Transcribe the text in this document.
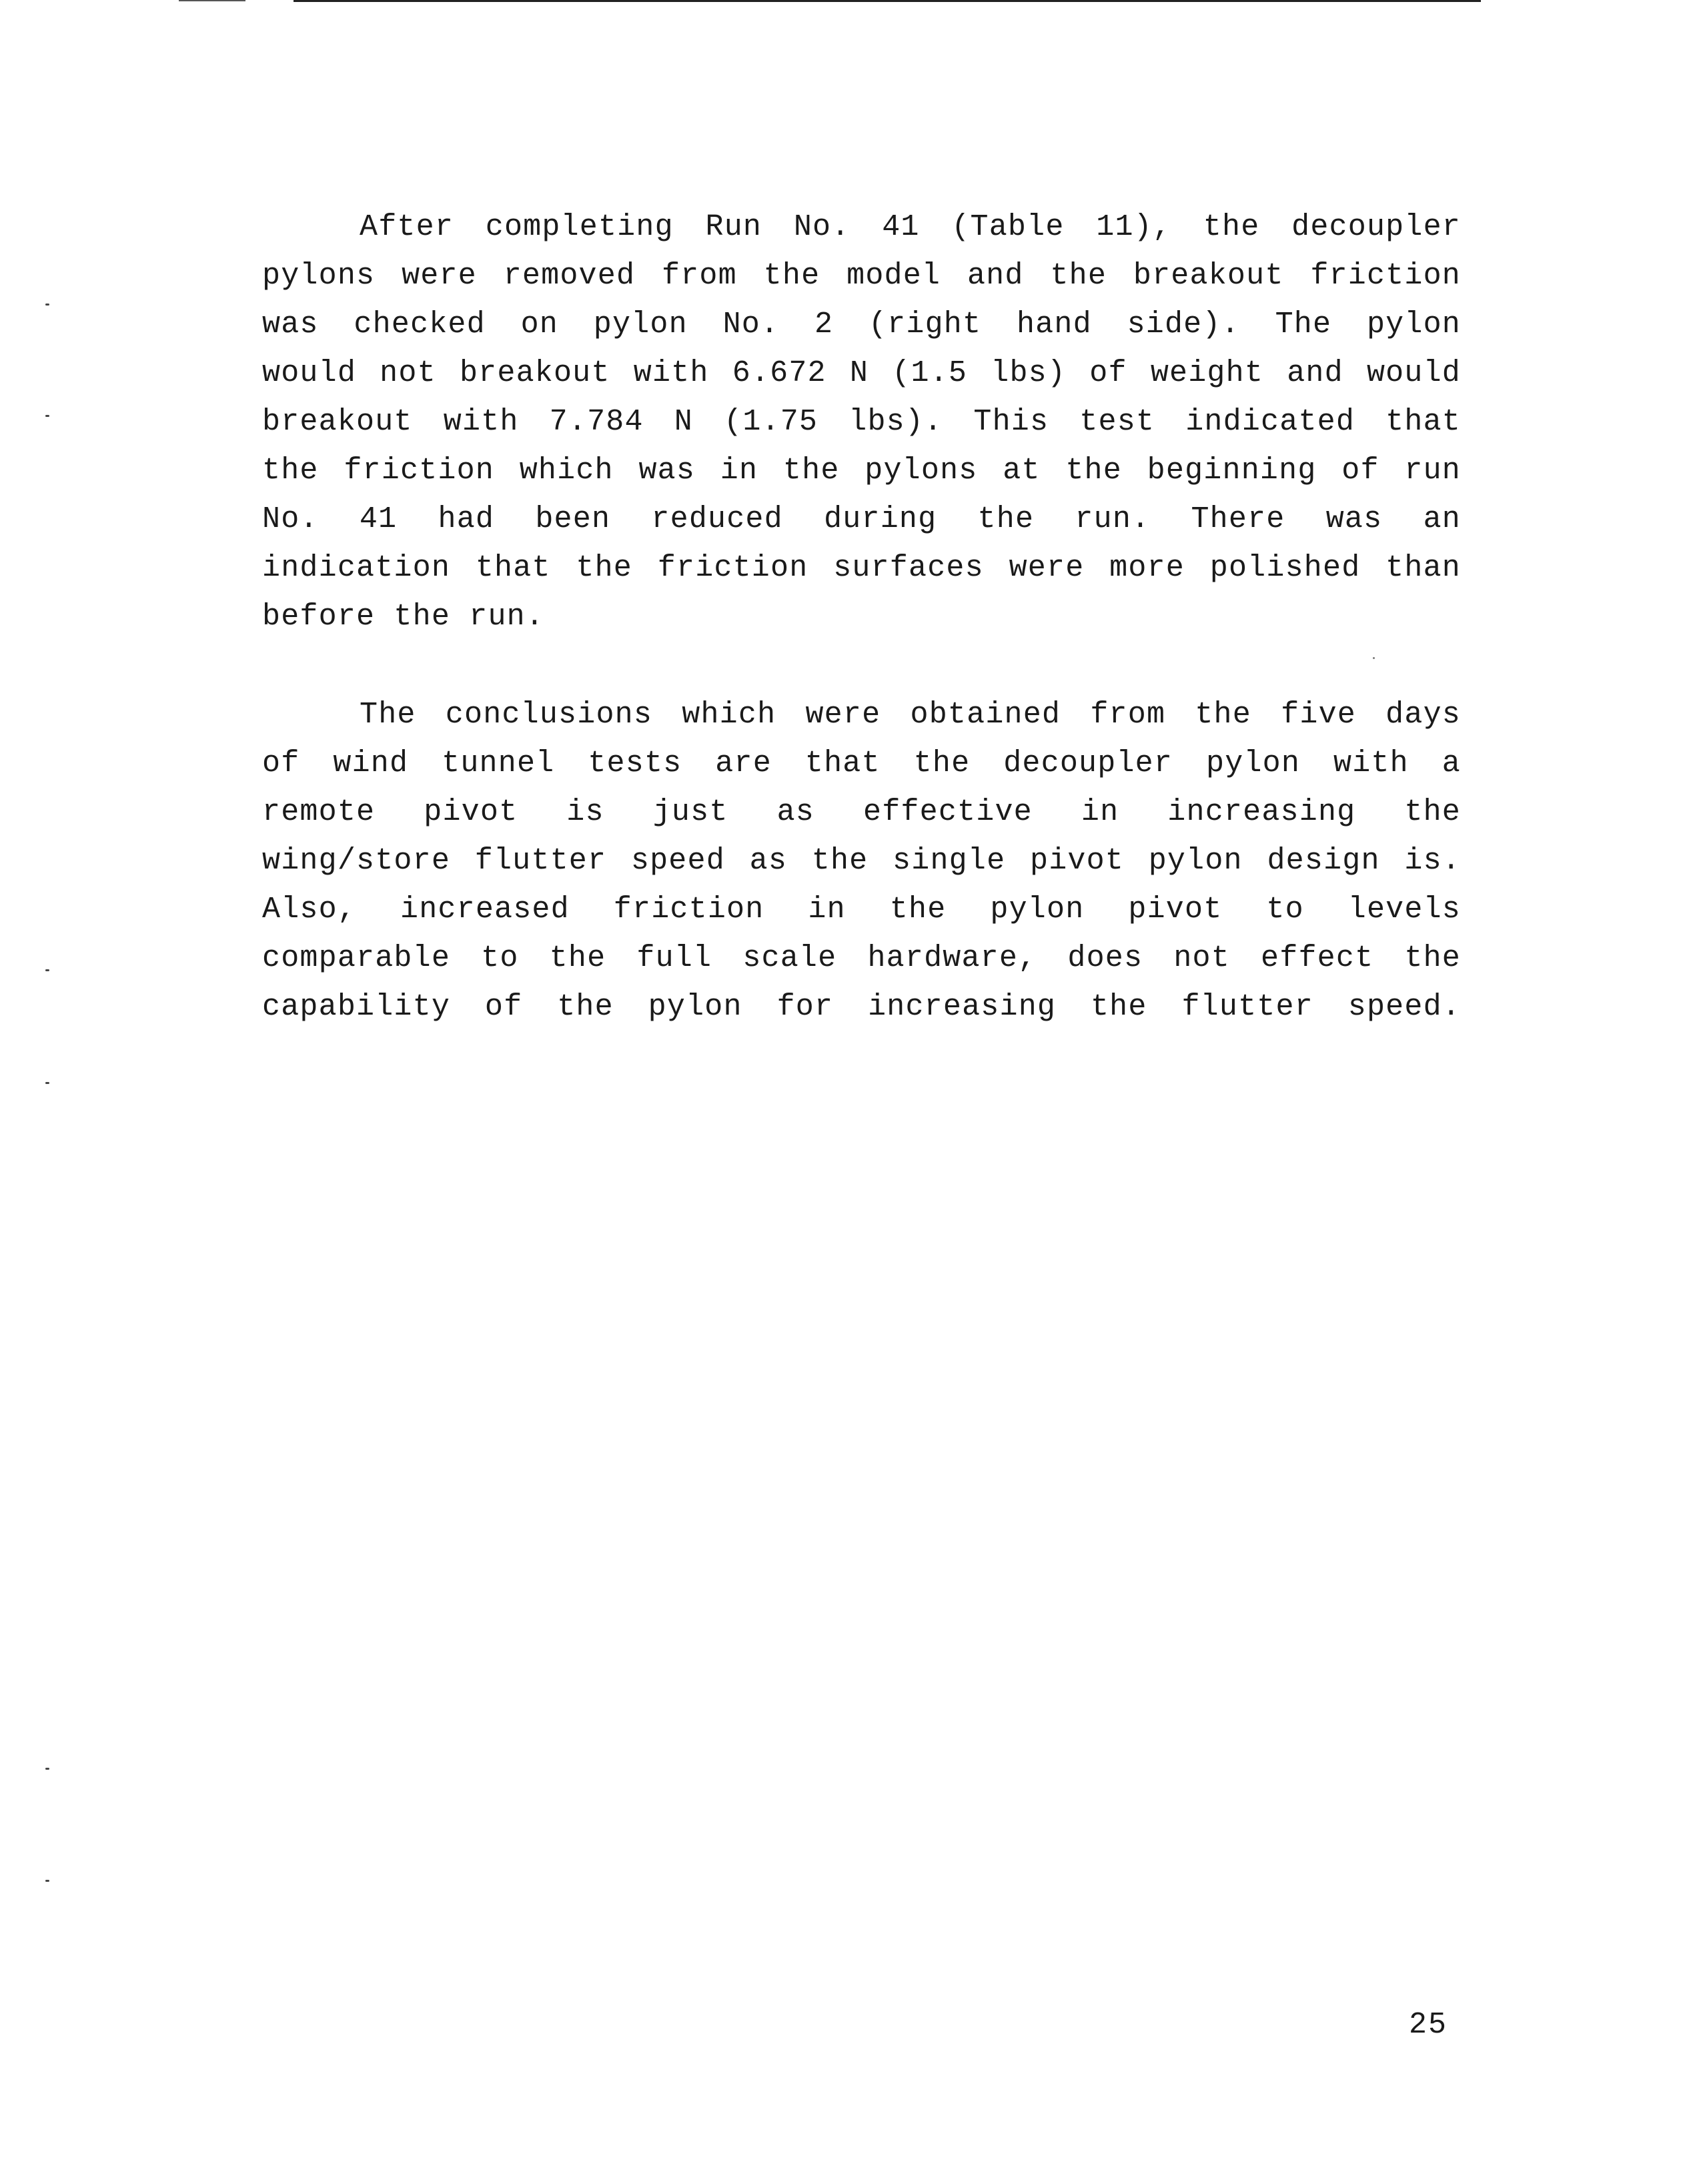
After completing Run No. 41 (Table 11), the decoupler
pylons were removed from the model and the breakout friction
was checked on pylon No. 2 (right hand side). The pylon
would not breakout with 6.672 N (1.5 lbs) of weight and would
breakout with 7.784 N (1.75 lbs). This test indicated that
the friction which was in the pylons at the beginning of run
No. 41 had been reduced during the run. There was an
indication that the friction surfaces were more polished than
before the run.
The conclusions which were obtained from the five days
of wind tunnel tests are that the decoupler pylon with a
remote pivot is just as effective in increasing the
wing/store flutter speed as the single pivot pylon design is.
Also, increased friction in the pylon pivot to levels
comparable to the full scale hardware, does not effect the
capability of the pylon for increasing the flutter speed.
25
